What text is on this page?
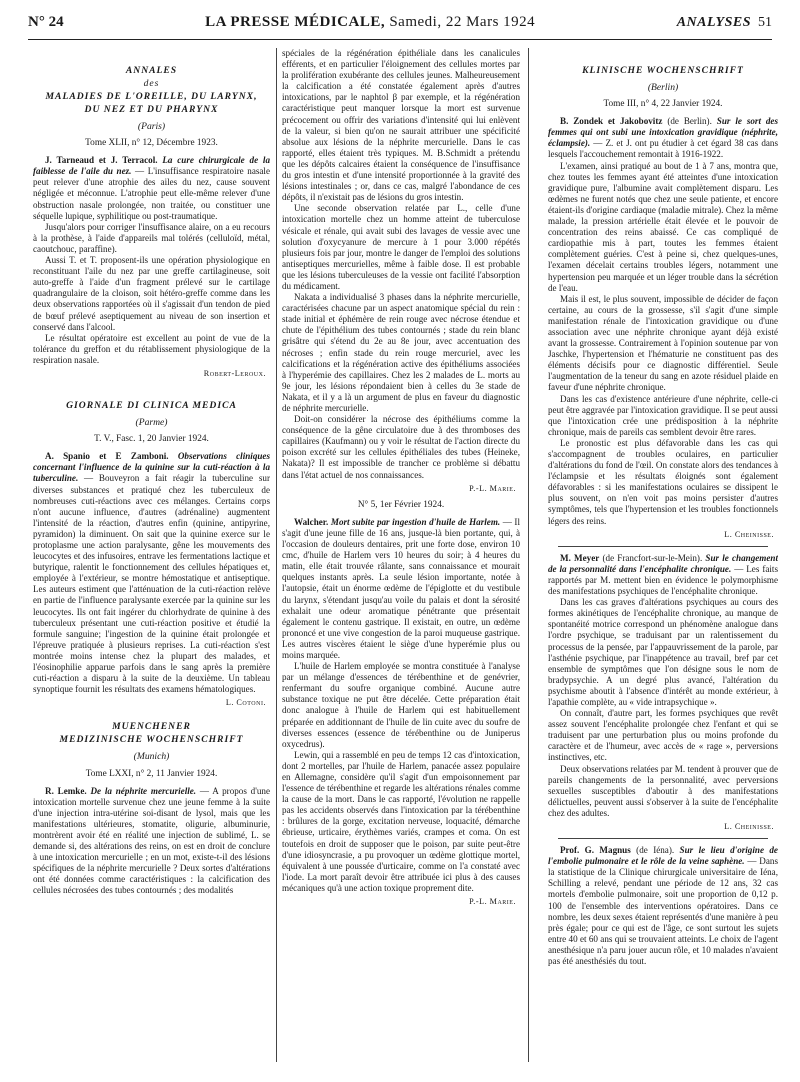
N° 24	LA PRESSE MÉDICALE, Samedi, 22 Mars 1924	ANALYSES 51
ANNALES
des
MALADIES DE L'OREILLE, DU LARYNX,
DU NEZ ET DU PHARYNX
(Paris)
Tome XLII, n° 12, Décembre 1923.

J. Tarneaud et J. Terracol. La cure chirurgicale de la faiblesse de l'aile du nez. — L'insuffisance respiratoire nasale peut relever d'une atrophie des ailes du nez, cause souvent négligée et méconnue. L'atrophie peut elle-même relever d'une obstruction nasale prolongée, non traitée, ou constituer une séquelle lupique, syphilitique ou post-traumatique.

Jusqu'alors pour corriger l'insuffisance alaire, on a eu recours à la prothèse, à l'aide d'appareils mal tolérés (celluloïd, métal, caoutchouc, paraffine).

Aussi T. et T. proposent-ils une opération physiologique en reconstituant l'aile du nez par une greffe cartilagineuse, soit auto-greffe à l'aide d'un fragment prélevé sur le cartilage quadrangulaire de la cloison, soit hétéro-greffe comme dans les deux observations rapportées où il s'agissait d'un tendon de pied de bœuf prélevé aseptiquement au niveau de son insertion et conservé dans l'alcool.

Le résultat opératoire est excellent au point de vue de la tolérance du greffon et du rétablissement physiologique de la respiration nasale.

Robert-Leroux.
GIORNALE DI CLINICA MEDICA
(Parme)
T. V., Fasc. 1, 20 Janvier 1924.

A. Spanio et E Zamboni. Observations cliniques concernant l'influence de la quinine sur la cuti-réaction à la tuberculine. — Bouveyron a fait réagir la tuberculine sur diverses substances et pratiqué chez les tuberculeux de nombreuses cuti-réactions avec ces mélanges. Certains corps n'ont aucune influence, d'autres (adrénaline) augmentent l'intensité de la réaction, d'autres enfin (quinine, antipyrine, pyramidon) la diminuent. On sait que la quinine exerce sur le protoplasme une action paralysante, gêne les mouvements des leucocytes et des infusoires, entrave les fermentations lactique et butyrique, ralentit le fonctionnement des cellules hépatiques et, employée à l'extérieur, se montre hémostatique et antiseptique. Les auteurs estiment que l'atténuation de la cuti-réaction relève en partie de l'influence paralysante exercée par la quinine sur les leucocytes. Ils ont fait ingérer du chlorhydrate de quinine à des tuberculeux présentant une cuti-réaction positive et étudié la formule sanguine; l'ingestion de la quinine était prolongée et l'épreuve pratiquée à plusieurs reprises. La cuti-réaction s'est montrée moins intense chez la plupart des malades, et l'éosinophilie apparue parfois dans le sang après la première cuti-réaction a disparu à la suite de la deuxième. Un tableau synoptique fournit les résultats des examens hématologiques.

L. Cotoni.
MUENCHENER
MEDIZINISCHE WOCHENSCHRIFT
(Munich)
Tome LXXI, n° 2, 11 Janvier 1924.

R. Lemke. De la néphrite mercurielle. — A propos d'une intoxication mortelle survenue chez une jeune femme à la suite d'une injection intra-utérine soi-disant de lysol, mais que les manifestations ultérieures, stomatite, oligurie, albuminurie, montrèrent avoir été en réalité une injection de sublimé, L. se demande si, des altérations des reins, on est en droit de conclure à une intoxication mercurielle ; en un mot, existe-t-il des lésions spécifiques de la néphrite mercurielle ? Deux sortes d'altérations ont été données comme caractéristiques : la calcification des cellules nécrosées des tubes contournés ; des modalités

spéciales de la régénération épithéliale dans les canalicules efférents, et en particulier l'éloignement des cellules mortes par la prolifération exubérante des cellules jeunes. Malheureusement la calcification a été constatée également après d'autres intoxications, par le naphtol β par exemple, et la régénération caractéristique peut manquer lorsque la mort est survenue précocement ou offrir des variations d'intensité qui lui enlèvent de la valeur, si bien qu'on ne saurait attribuer une spécificité absolue aux lésions de la néphrite mercurielle. Dans le cas rapporté, elles étaient très typiques. M. B.Schmidt a prétendu que les dépôts calcaires étaient la conséquence de l'insuffisance du gros intestin et d'une intensité proportionnée à la gravité des lésions intestinales ; or, dans ce cas, malgré l'abondance de ces dépôts, il n'existait pas de lésions du gros intestin.

Une seconde observation relatée par L., celle d'une intoxication mortelle chez un homme atteint de tuberculose vésicale et rénale, qui avait subi des lavages de vessie avec une solution d'oxycyanure de mercure à 1 pour 3.000 répétés plusieurs fois par jour, montre le danger de l'emploi des solutions antiseptiques mercurielles, même à faible dose. Il est probable que les lésions tuberculeuses de la vessie ont facilité l'absorption du médicament.

Nakata a individualisé 3 phases dans la néphrite mercurielle, caractérisées chacune par un aspect anatomique spécial du rein : stade initial et éphémère de rein rouge avec nécrose étendue et chute de l'épithélium des tubes contournés ; stade du rein blanc grisâtre qui s'étend du 2e au 8e jour, avec accentuation des nécroses ; enfin stade du rein rouge mercuriel, avec les calcifications et la régénération active des épithéliums associées à l'hyperémie des capillaires. Chez les 2 malades de L. morts au 9e jour, les lésions répondaient bien à celles du 3e stade de Nakata, et il y a là un argument de plus en faveur du diagnostic de néphrite mercurielle.

Doit-on considérer la nécrose des épithéliums comme la conséquence de la gêne circulatoire due à des thromboses des capillaires (Kaufmann) ou y voir le résultat de l'action directe du poison excrété sur les cellules épithéliales des tubes (Heineke, Nakata)? Il est impossible de trancher ce problème si débattu dans l'état actuel de nos connaissances.

P.-L. Marie.
N° 5, 1er Février 1924.

Walcher. Mort subite par ingestion d'huile de Harlem. — Il s'agit d'une jeune fille de 16 ans, jusque-là bien portante, qui, à l'occasion de douleurs dentaires, prit une forte dose, environ 10 cmc, d'huile de Harlem vers 10 heures du soir; à 4 heures du matin, elle était trouvée râlante, sans connaissance et mourait quelques instants après. La seule lésion importante, notée à l'autopsie, était un énorme œdème de l'épiglotte et du vestibule du larynx, s'étendant jusqu'au voile du palais et dont la sérosité exhalait une odeur aromatique pénétrante que présentait également le contenu gastrique. Il existait, en outre, un œdème prononcé et une vive congestion de la paroi muqueuse gastrique. Les autres viscères étaient le siège d'une hyperémie plus ou moins marquée.

L'huile de Harlem employée se montra constituée à l'analyse par un mélange d'essences de térébenthine et de genévrier, renfermant du soufre organique combiné. Aucune autre substance toxique ne put être décelée. Cette préparation était donc analogue à l'huile de Harlem qui est habituellement préparée en additionnant de l'huile de lin cuite avec du soufre de diverses essences (essence de térébenthine ou de Juniperus oxycedrus).

Lewin, qui a rassemblé en peu de temps 12 cas d'intoxication, dont 2 mortelles, par l'huile de Harlem, panacée assez populaire en Allemagne, considère qu'il s'agit d'un empoisonnement par l'essence de térébenthine et regarde les altérations rénales comme la cause de la mort. Dans le cas rapporté, l'évolution ne rappelle pas les accidents observés dans l'intoxication par la térébenthine : brûlures de la gorge, excitation nerveuse, loquacité, démarche ébrieuse, urticaire, érythèmes variés, crampes et coma. On est toutefois en droit de supposer que le poison, par suite peut-être d'une idiosyncrasie, a pu provoquer un œdème glottique mortel, équivalent à une poussée d'urticaire, comme on l'a constaté avec l'iode. La mort paraît devoir être attribuée ici plus à des causes mécaniques qu'à une action toxique proprement dite.

P.-L. Marie.
KLINISCHE WOCHENSCHRIFT
(Berlin)
Tome III, n° 4, 22 Janvier 1924.

B. Zondek et Jakobovitz (de Berlin). Sur le sort des femmes qui ont subi une intoxication gravidique (néphrite, éclampsie). — Z. et J. ont pu étudier à cet égard 38 cas dans lesquels l'accouchement remontait à 1916-1922.

L'examen, ainsi pratiqué au bout de 1 à 7 ans, montra que, chez toutes les femmes ayant été atteintes d'une intoxication gravidique pure, l'albumine avait complètement disparu. Les œdèmes ne furent notés que chez une seule patiente, et encore étaient-ils d'origine cardiaque (maladie mitrale). Chez la même malade, la pression artérielle était élevée et le pouvoir de concentration des reins abaissé. Ce cas compliqué de cardiopathie mis à part, toutes les femmes étaient complètement guéries. C'est à peine si, chez quelques-unes, l'examen décelait certains troubles légers, notamment une hypertension peu marquée et un léger trouble dans la sécrétion de l'eau.

Mais il est, le plus souvent, impossible de décider de façon certaine, au cours de la grossesse, s'il s'agit d'une simple manifestation rénale de l'intoxication gravidique ou d'une association avec une néphrite chronique ayant déjà existé avant la grossesse. Contrairement à l'opinion soutenue par von Jaschke, l'hypertension et l'hématurie ne constituent pas des éléments décisifs pour ce diagnostic différentiel. Seule l'augmentation de la teneur du sang en azote résiduel plaide en faveur d'une néphrite chronique.

Dans les cas d'existence antérieure d'une néphrite, celle-ci peut être aggravée par l'intoxication gravidique. Il se peut aussi que l'intoxication crée une prédisposition à la néphrite chronique, mais de pareils cas semblent devoir être rares.

Le pronostic est plus défavorable dans les cas qui s'accompagnent de troubles oculaires, en particulier d'altérations du fond de l'œil. On constate alors des tendances à l'éclampsie et les résultats éloignés sont également défavorables : si les manifestations oculaires se dissipent le plus souvent, on n'en voit pas moins persister d'autres symptômes, tels que l'hypertension et les troubles fonctionnels légers des reins.

L. Cheinisse.

M. Meyer (de Francfort-sur-le-Mein). Sur le changement de la personnalité dans l'encéphalite chronique. — Les faits rapportés par M. mettent bien en évidence le polymorphisme des manifestations psychiques de l'encéphalite chronique.

Dans les cas graves d'altérations psychiques au cours des formes akinétiques de l'encéphalite chronique, au manque de spontanéité motrice correspond un phénomène analogue dans l'ordre psychique, se traduisant par un ralentissement du processus de la pensée, par l'appauvrissement de la parole, par l'asthénie psychique, par l'inappétence au travail, bref par cet ensemble de symptômes que l'on désigne sous le nom de bradypsychie. A un degré plus avancé, l'altération du psychisme aboutit à l'absence d'intérêt au monde extérieur, à l'apathie complète, au « vide intrapsychique ».

On connaît, d'autre part, les formes psychiques que revêt assez souvent l'encéphalite prolongée chez l'enfant et qui se traduisent par une perturbation plus ou moins profonde du caractère et de l'humeur, avec accès de « rage », perversions instinctives, etc.

Deux observations relatées par M. tendent à prouver que de pareils changements de la personnalité, avec perversions sexuelles susceptibles d'aboutir à des manifestations délictuelles, peuvent aussi s'observer à la suite de l'encéphalite chez des adultes.

L. Cheinisse.

Prof. G. Magnus (de Iéna). Sur le lieu d'origine de l'embolie pulmonaire et le rôle de la veine saphène. — Dans la statistique de la Clinique chirurgicale universitaire de Iéna, Schilling a relevé, pendant une période de 12 ans, 32 cas mortels d'embolie pulmonaire, soit une proportion de 0,12 p. 100 de l'ensemble des interventions opératoires. Dans ce nombre, les deux sexes étaient représentés d'une manière à peu près égale; pour ce qui est de l'âge, ce sont surtout les sujets entre 40 et 60 ans qui se trouvaient atteints. Le choix de l'agent anesthésique n'a paru jouer aucun rôle, et 10 malades n'avaient pas été anesthésiés du tout.
